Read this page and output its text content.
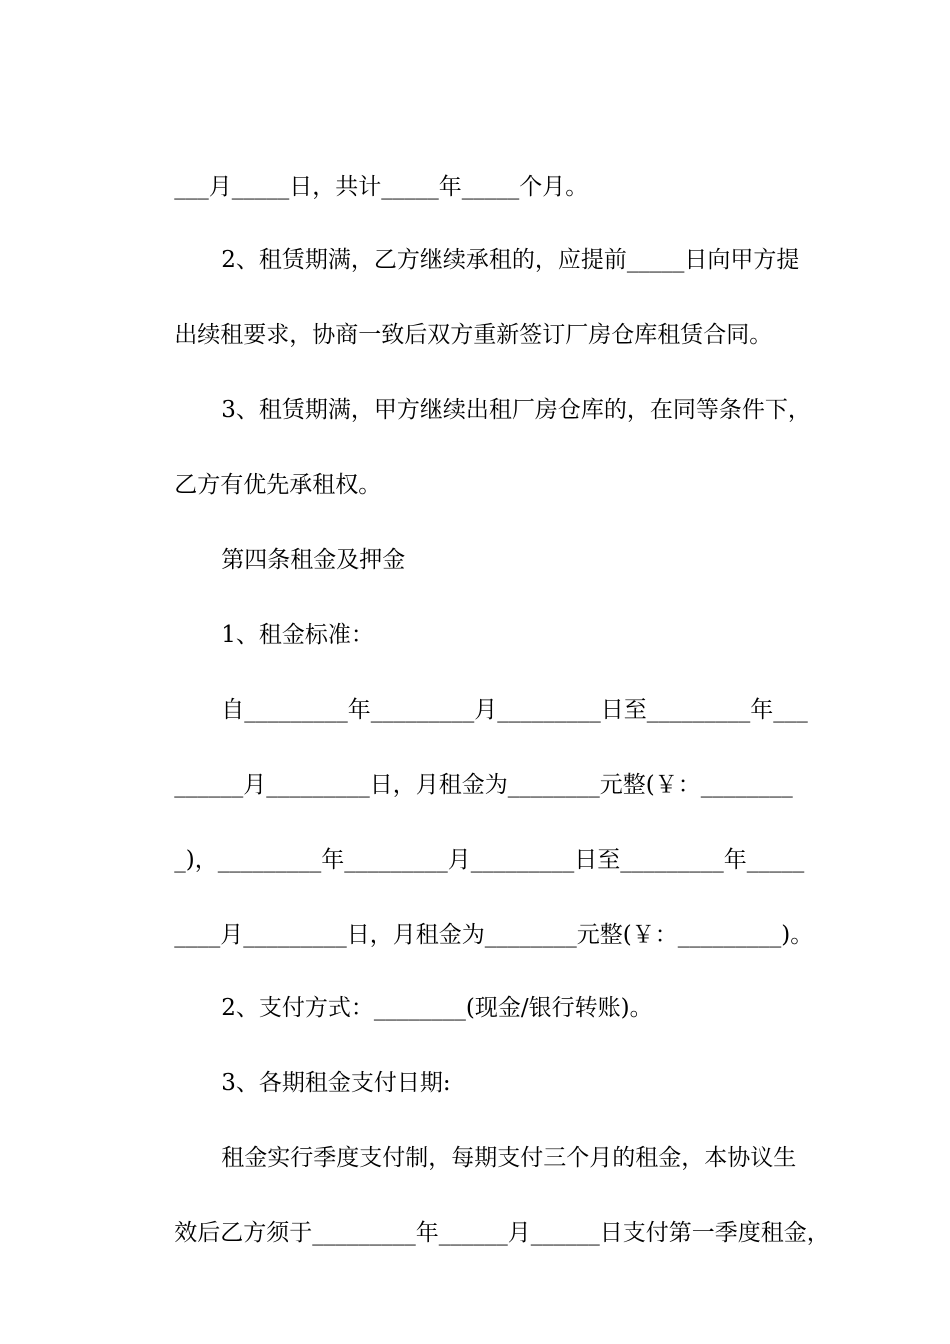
___月_____日，共计_____年_____个月。

2、租赁期满，乙方继续承租的，应提前_____日向甲方提

出续租要求，协商一致后双方重新签订厂房仓库租赁合同。

3、租赁期满，甲方继续出租厂房仓库的，在同等条件下，

乙方有优先承租权。

第四条租金及押金

1、租金标准：

自_________年_________月_________日至_________年___

______月_________日，月租金为________元整(￥：________

_)，_________年_________月_________日至_________年_____

____月_________日，月租金为________元整(￥：_________)。

2、支付方式：________(现金/银行转账)。

3、各期租金支付日期:

租金实行季度支付制，每期支付三个月的租金，本协议生

效后乙方须于_________年______月______日支付第一季度租金，
